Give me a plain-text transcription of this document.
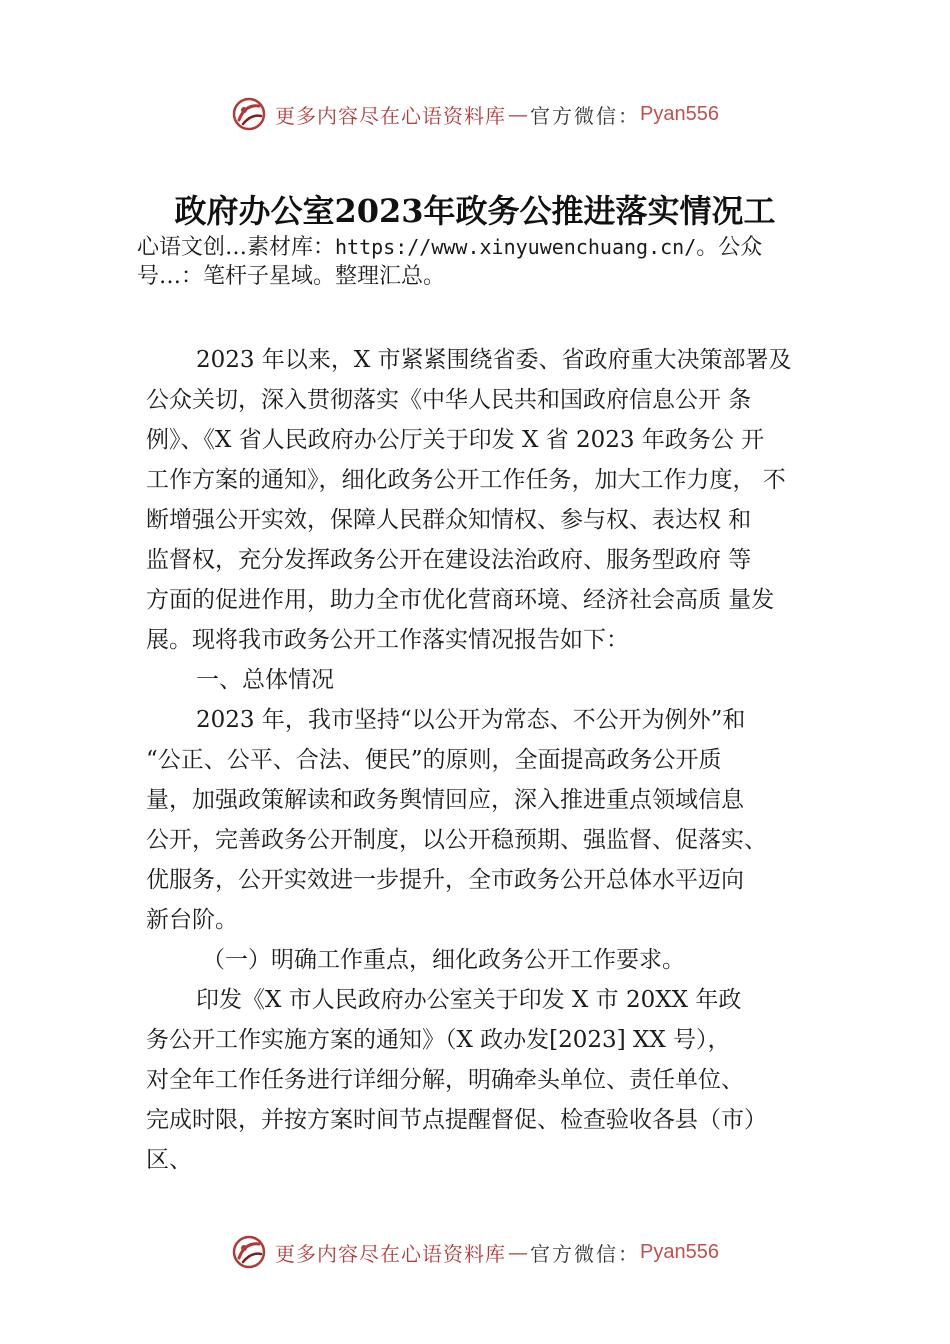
更多内容尽在心语资料库 — 官方微信： Pyan556
政府办公室2023年政务公推进落实情况工
心语文创…素材库：https://www.xinyuwenchuang.cn/。公众
号…：笔杆子星域。整理汇总。
2023 年以来，X 市紧紧围绕省委、省政府重大决策部署及
公众关切，深入贯彻落实《中华人民共和国政府信息公开 条
例》、《X 省人民政府办公厅关于印发 X 省 2023 年政务公 开
工作方案的通知》，细化政务公开工作任务，加大工作力度， 不
断增强公开实效，保障人民群众知情权、参与权、表达权 和
监督权，充分发挥政务公开在建设法治政府、服务型政府 等
方面的促进作用，助力全市优化营商环境、经济社会高质 量发
展。现将我市政务公开工作落实情况报告如下：
一、总体情况
2023 年，我市坚持“以公开为常态、不公开为例外”和
“公正、公平、合法、便民”的原则，全面提高政务公开质
量，加强政策解读和政务舆情回应，深入推进重点领域信息
公开，完善政务公开制度，以公开稳预期、强监督、促落实、
优服务，公开实效进一步提升，全市政务公开总体水平迈向
新台阶。
（一）明确工作重点，细化政务公开工作要求。
印发《X 市人民政府办公室关于印发 X 市 20XX 年政
务公开工作实施方案的通知》（X 政办发[2023] XX 号），
对全年工作任务进行详细分解，明确牵头单位、责任单位、
完成时限，并按方案时间节点提醒督促、检查验收各县（市）
区、
更多内容尽在心语资料库 — 官方微信： Pyan556
